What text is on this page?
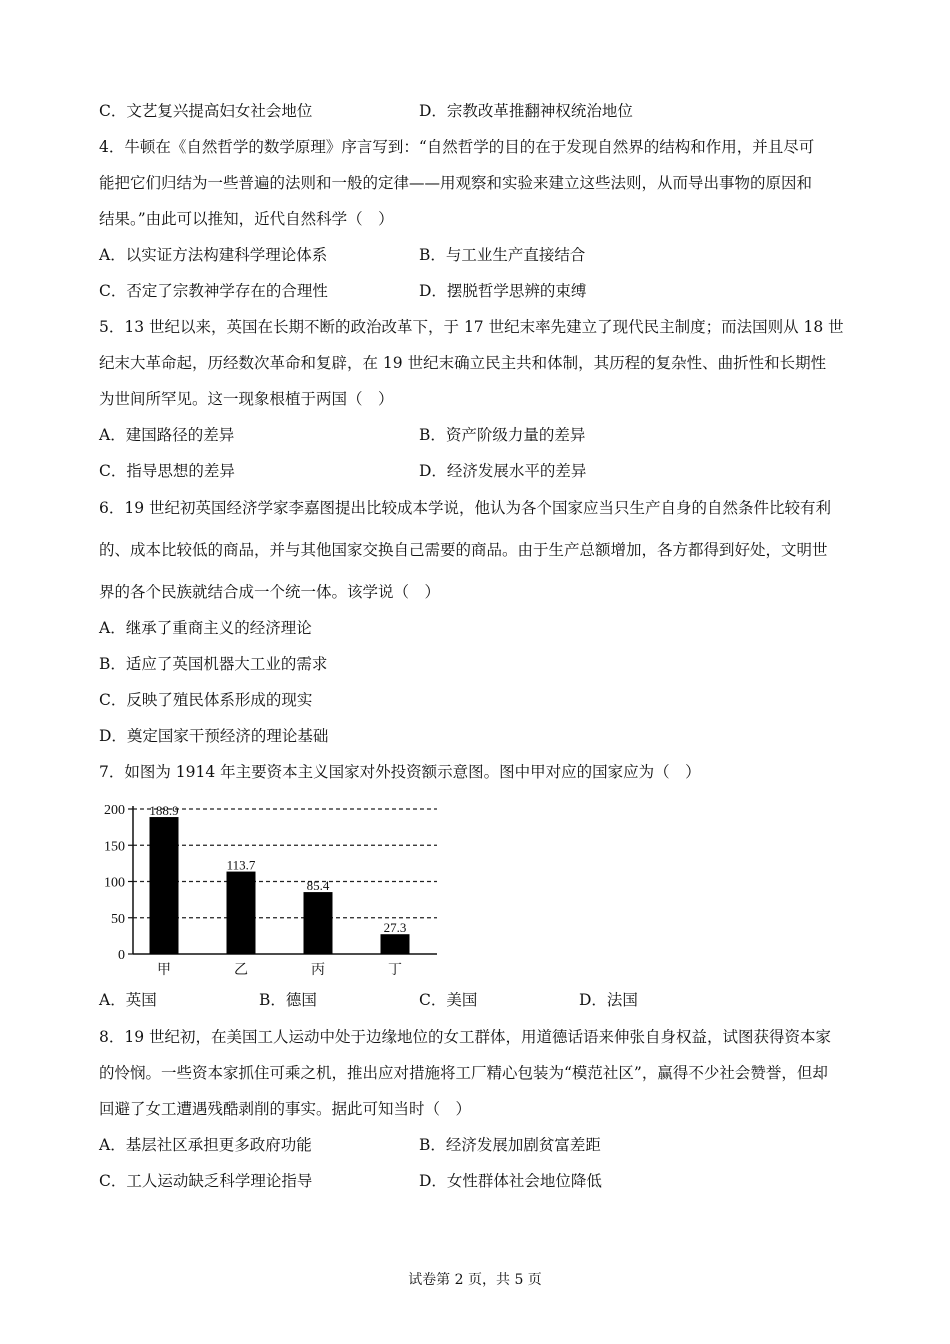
C．文艺复兴提高妇女社会地位	D．宗教改革推翻神权统治地位
4．牛顿在《自然哲学的数学原理》序言写到：“自然哲学的目的在于发现自然界的结构和作用，并且尽可
能把它们归结为一些普遍的法则和一般的定律——用观察和实验来建立这些法则，从而导出事物的原因和
结果。”由此可以推知，近代自然科学（　）
A．以实证方法构建科学理论体系	B．与工业生产直接结合
C．否定了宗教神学存在的合理性	D．摆脱哲学思辨的束缚
5．13 世纪以来，英国在长期不断的政治改革下，于 17 世纪末率先建立了现代民主制度；而法国则从 18 世
纪末大革命起，历经数次革命和复辟，在 19 世纪末确立民主共和体制，其历程的复杂性、曲折性和长期性
为世间所罕见。这一现象根植于两国（　）
A．建国路径的差异	B．资产阶级力量的差异
C．指导思想的差异	D．经济发展水平的差异
6．19 世纪初英国经济学家李嘉图提出比较成本学说，他认为各个国家应当只生产自身的自然条件比较有利
的、成本比较低的商品，并与其他国家交换自己需要的商品。由于生产总额增加，各方都得到好处，文明世
界的各个民族就结合成一个统一体。该学说（　）
A．继承了重商主义的经济理论
B．适应了英国机器大工业的需求
C．反映了殖民体系形成的现实
D．奠定国家干预经济的理论基础
7．如图为 1914 年主要资本主义国家对外投资额示意图。图中甲对应的国家应为（　）
200
150
100
50
0
188.9
甲
113.7
乙
85.4
丙
27.3
丁
A．英国	B．德国	C．美国	D．法国
8．19 世纪初，在美国工人运动中处于边缘地位的女工群体，用道德话语来伸张自身权益，试图获得资本家
的怜悯。一些资本家抓住可乘之机，推出应对措施将工厂精心包装为“模范社区”，赢得不少社会赞誉，但却
回避了女工遭遇残酷剥削的事实。据此可知当时（　）
A．基层社区承担更多政府功能	B．经济发展加剧贫富差距
C．工人运动缺乏科学理论指导	D．女性群体社会地位降低
试卷第 2 页，共 5 页
